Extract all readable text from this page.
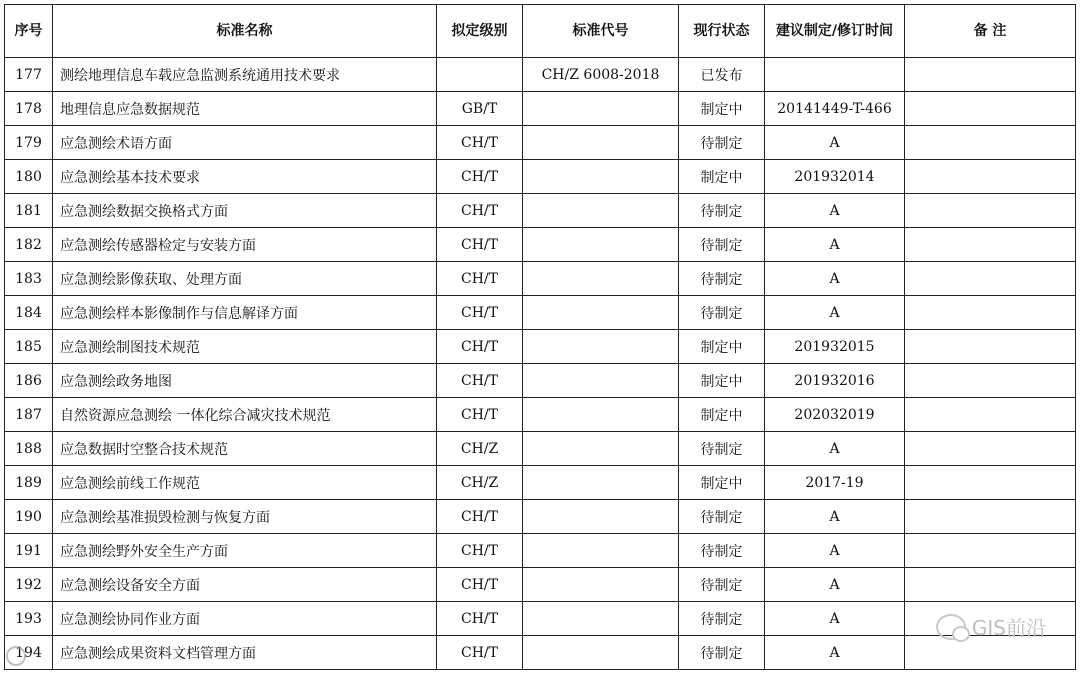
序号	标准名称	拟定级别	标准代号	现行状态	建议制定/修订时间	备 注
177	测绘地理信息车载应急监测系统通用技术要求		CH/Z 6008-2018	已发布		
178	地理信息应急数据规范	GB/T		制定中	20141449-T-466	
179	应急测绘术语方面	CH/T		待制定	A	
180	应急测绘基本技术要求	CH/T		制定中	201932014	
181	应急测绘数据交换格式方面	CH/T		待制定	A	
182	应急测绘传感器检定与安装方面	CH/T		待制定	A	
183	应急测绘影像获取、处理方面	CH/T		待制定	A	
184	应急测绘样本影像制作与信息解译方面	CH/T		待制定	A	
185	应急测绘制图技术规范	CH/T		制定中	201932015	
186	应急测绘政务地图	CH/T		制定中	201932016	
187	自然资源应急测绘 一体化综合减灾技术规范	CH/T		制定中	202032019	
188	应急数据时空整合技术规范	CH/Z		待制定	A	
189	应急测绘前线工作规范	CH/Z		制定中	2017-19	
190	应急测绘基准损毁检测与恢复方面	CH/T		待制定	A	
191	应急测绘野外安全生产方面	CH/T		待制定	A	
192	应急测绘设备安全方面	CH/T		待制定	A	
193	应急测绘协同作业方面	CH/T		待制定	A	
194	应急测绘成果资料文档管理方面	CH/T		待制定	A	
GIS前沿
